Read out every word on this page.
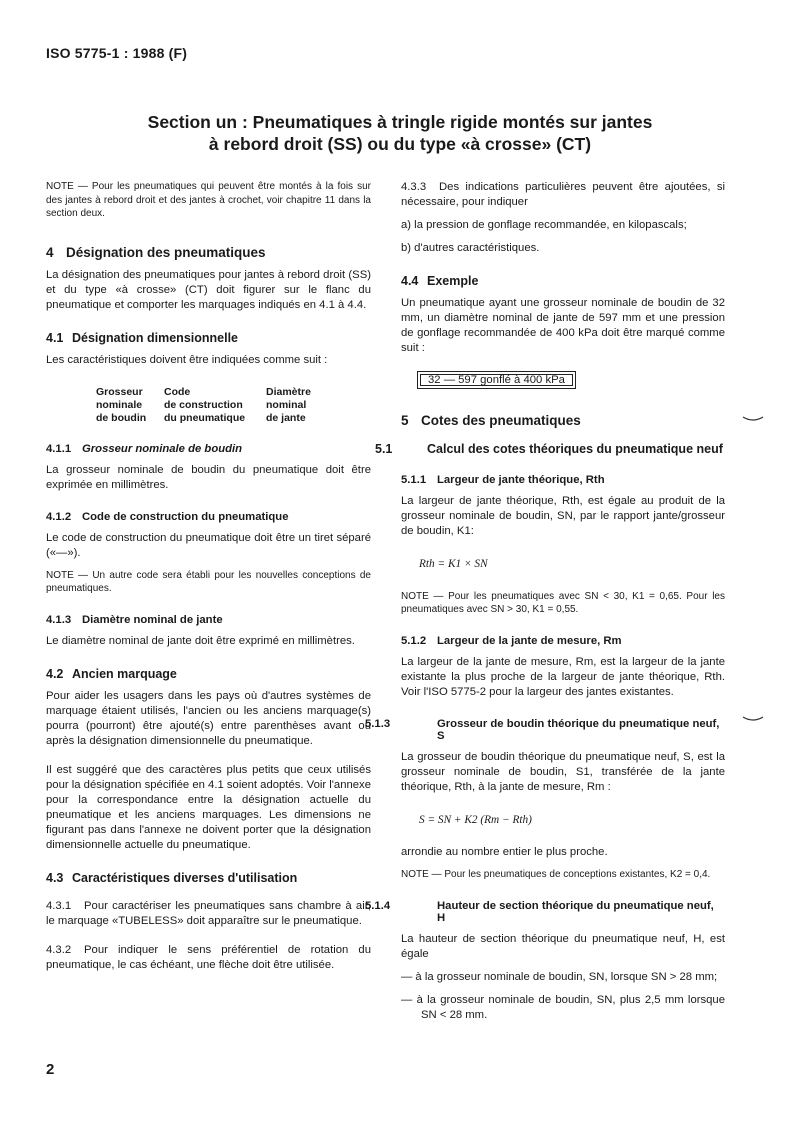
ISO 5775-1 : 1988 (F)
Section un : Pneumatiques à tringle rigide montés sur jantes
à rebord droit (SS) ou du type «à crosse» (CT)

NOTE — Pour les pneumatiques qui peuvent être montés à la fois sur des jantes à rebord droit et des jantes à crochet, voir chapitre 11 dans la section deux.

4 Désignation des pneumatiques

La désignation des pneumatiques pour jantes à rebord droit (SS) et du type «à crosse» (CT) doit figurer sur le flanc du pneumatique et comporter les marquages indiqués en 4.1 à 4.4.

4.1 Désignation dimensionnelle

Les caractéristiques doivent être indiquées comme suit :

Grosseur	Code	Diamètre
nominale	de construction	nominal
de boudin	du pneumatique	de jante

4.1.1 Grosseur nominale de boudin

La grosseur nominale de boudin du pneumatique doit être exprimée en millimètres.

4.1.2 Code de construction du pneumatique

Le code de construction du pneumatique doit être un tiret séparé («—»).

NOTE — Un autre code sera établi pour les nouvelles conceptions de pneumatiques.

4.1.3 Diamètre nominal de jante

Le diamètre nominal de jante doit être exprimé en millimètres.

4.2 Ancien marquage

Pour aider les usagers dans les pays où d'autres systèmes de marquage étaient utilisés, l'ancien ou les anciens marquage(s) pourra (pourront) être ajouté(s) entre parenthèses avant ou après la désignation dimensionnelle du pneumatique.

Il est suggéré que des caractères plus petits que ceux utilisés pour la désignation spécifiée en 4.1 soient adoptés. Voir l'annexe pour la correspondance entre la désignation actuelle du pneumatique et les anciens marquages. Les dimensions ne figurant pas dans l'annexe ne doivent porter que la désignation dimensionnelle actuelle du pneumatique.

4.3 Caractéristiques diverses d'utilisation

4.3.1 Pour caractériser les pneumatiques sans chambre à air, le marquage «TUBELESS» doit apparaître sur le pneumatique.

4.3.2 Pour indiquer le sens préférentiel de rotation du pneumatique, le cas échéant, une flèche doit être utilisée.

4.3.3 Des indications particulières peuvent être ajoutées, si nécessaire, pour indiquer

a) la pression de gonflage recommandée, en kilopascals;

b) d'autres caractéristiques.

4.4 Exemple

Un pneumatique ayant une grosseur nominale de boudin de 32 mm, un diamètre nominal de jante de 597 mm et une pression de gonflage recommandée de 400 kPa doit être marqué comme suit :

32 — 597 gonflé à 400 kPa

5 Cotes des pneumatiques

5.1	Calcul des cotes théoriques du pneumatique neuf

5.1.1 Largeur de jante théorique, Rth

La largeur de jante théorique, Rth, est égale au produit de la grosseur nominale de boudin, SN, par le rapport jante/grosseur de boudin, K1:

Rth = K1 × SN

NOTE — Pour les pneumatiques avec SN < 30, K1 = 0,65. Pour les pneumatiques avec SN > 30, K1 = 0,55.

5.1.2 Largeur de la jante de mesure, Rm

La largeur de la jante de mesure, Rm, est la largeur de la jante existante la plus proche de la largeur de jante théorique, Rth. Voir l'ISO 5775-2 pour la largeur des jantes existantes.

5.1.3	Grosseur de boudin théorique du pneumatique neuf, S

La grosseur de boudin théorique du pneumatique neuf, S, est la grosseur nominale de boudin, S1, transférée de la jante théorique, Rth, à la jante de mesure, Rm :

S = SN + K2 (Rm − Rth)

arrondie au nombre entier le plus proche.

NOTE — Pour les pneumatiques de conceptions existantes, K2 = 0,4.

5.1.4	Hauteur de section théorique du pneumatique neuf, H

La hauteur de section théorique du pneumatique neuf, H, est égale

— à la grosseur nominale de boudin, SN, lorsque SN > 28 mm;

— à la grosseur nominale de boudin, SN, plus 2,5 mm lorsque SN < 28 mm.

2
